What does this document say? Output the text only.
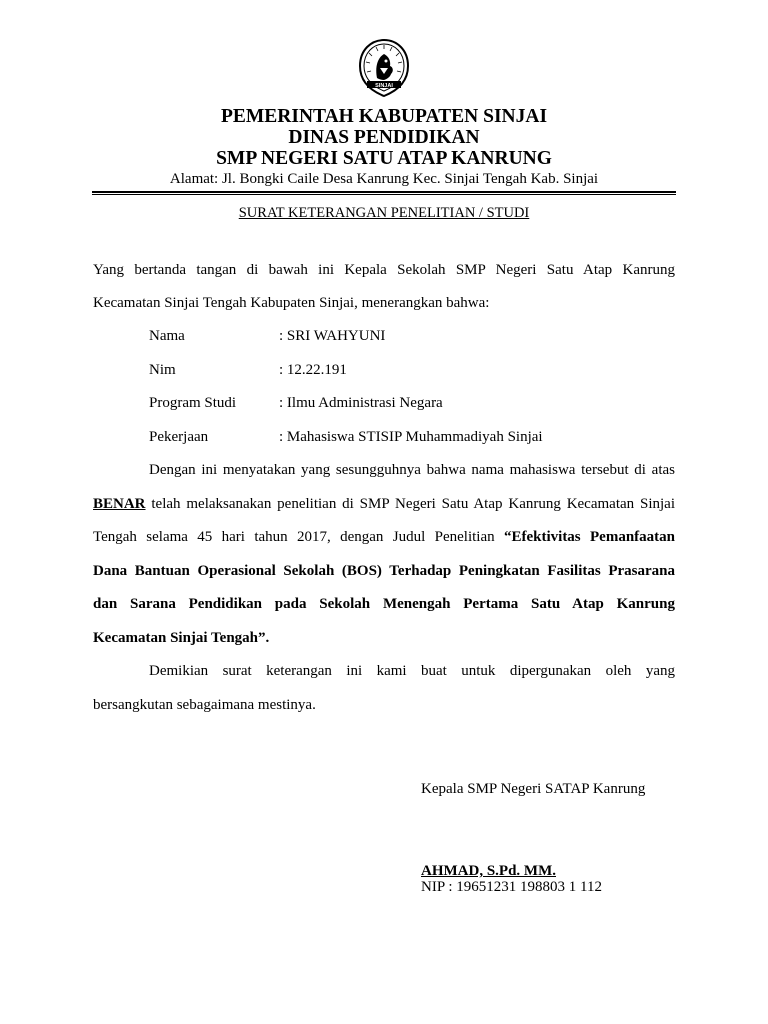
SINJAI

PEMERINTAH KABUPATEN SINJAI

DINAS PENDIDIKAN

SMP NEGERI SATU ATAP KANRUNG

Alamat: Jl. Bongki Caile Desa Kanrung Kec. Sinjai Tengah Kab. Sinjai

SURAT KETERANGAN PENELITIAN / STUDI

Yang bertanda tangan di bawah ini Kepala Sekolah SMP Negeri Satu Atap Kanrung

Kecamatan Sinjai Tengah Kabupaten Sinjai, menerangkan bahwa:

Nama	: SRI WAHYUNI

Nim	: 12.22.191

Program Studi	: Ilmu Administrasi Negara

Pekerjaan	: Mahasiswa STISIP Muhammadiyah Sinjai

Dengan ini menyatakan yang sesungguhnya bahwa nama mahasiswa tersebut di atas

BENAR telah melaksanakan penelitian di SMP Negeri Satu Atap Kanrung Kecamatan Sinjai

Tengah selama 45 hari tahun 2017, dengan Judul Penelitian “Efektivitas Pemanfaatan

Dana Bantuan Operasional Sekolah (BOS) Terhadap Peningkatan Fasilitas Prasarana

dan Sarana Pendidikan pada Sekolah Menengah Pertama Satu Atap Kanrung

Kecamatan Sinjai Tengah”.

Demikian surat keterangan ini kami buat untuk dipergunakan oleh yang

bersangkutan sebagaimana mestinya.

Kepala SMP Negeri SATAP Kanrung

AHMAD, S.Pd. MM.

NIP : 19651231 198803 1 112
